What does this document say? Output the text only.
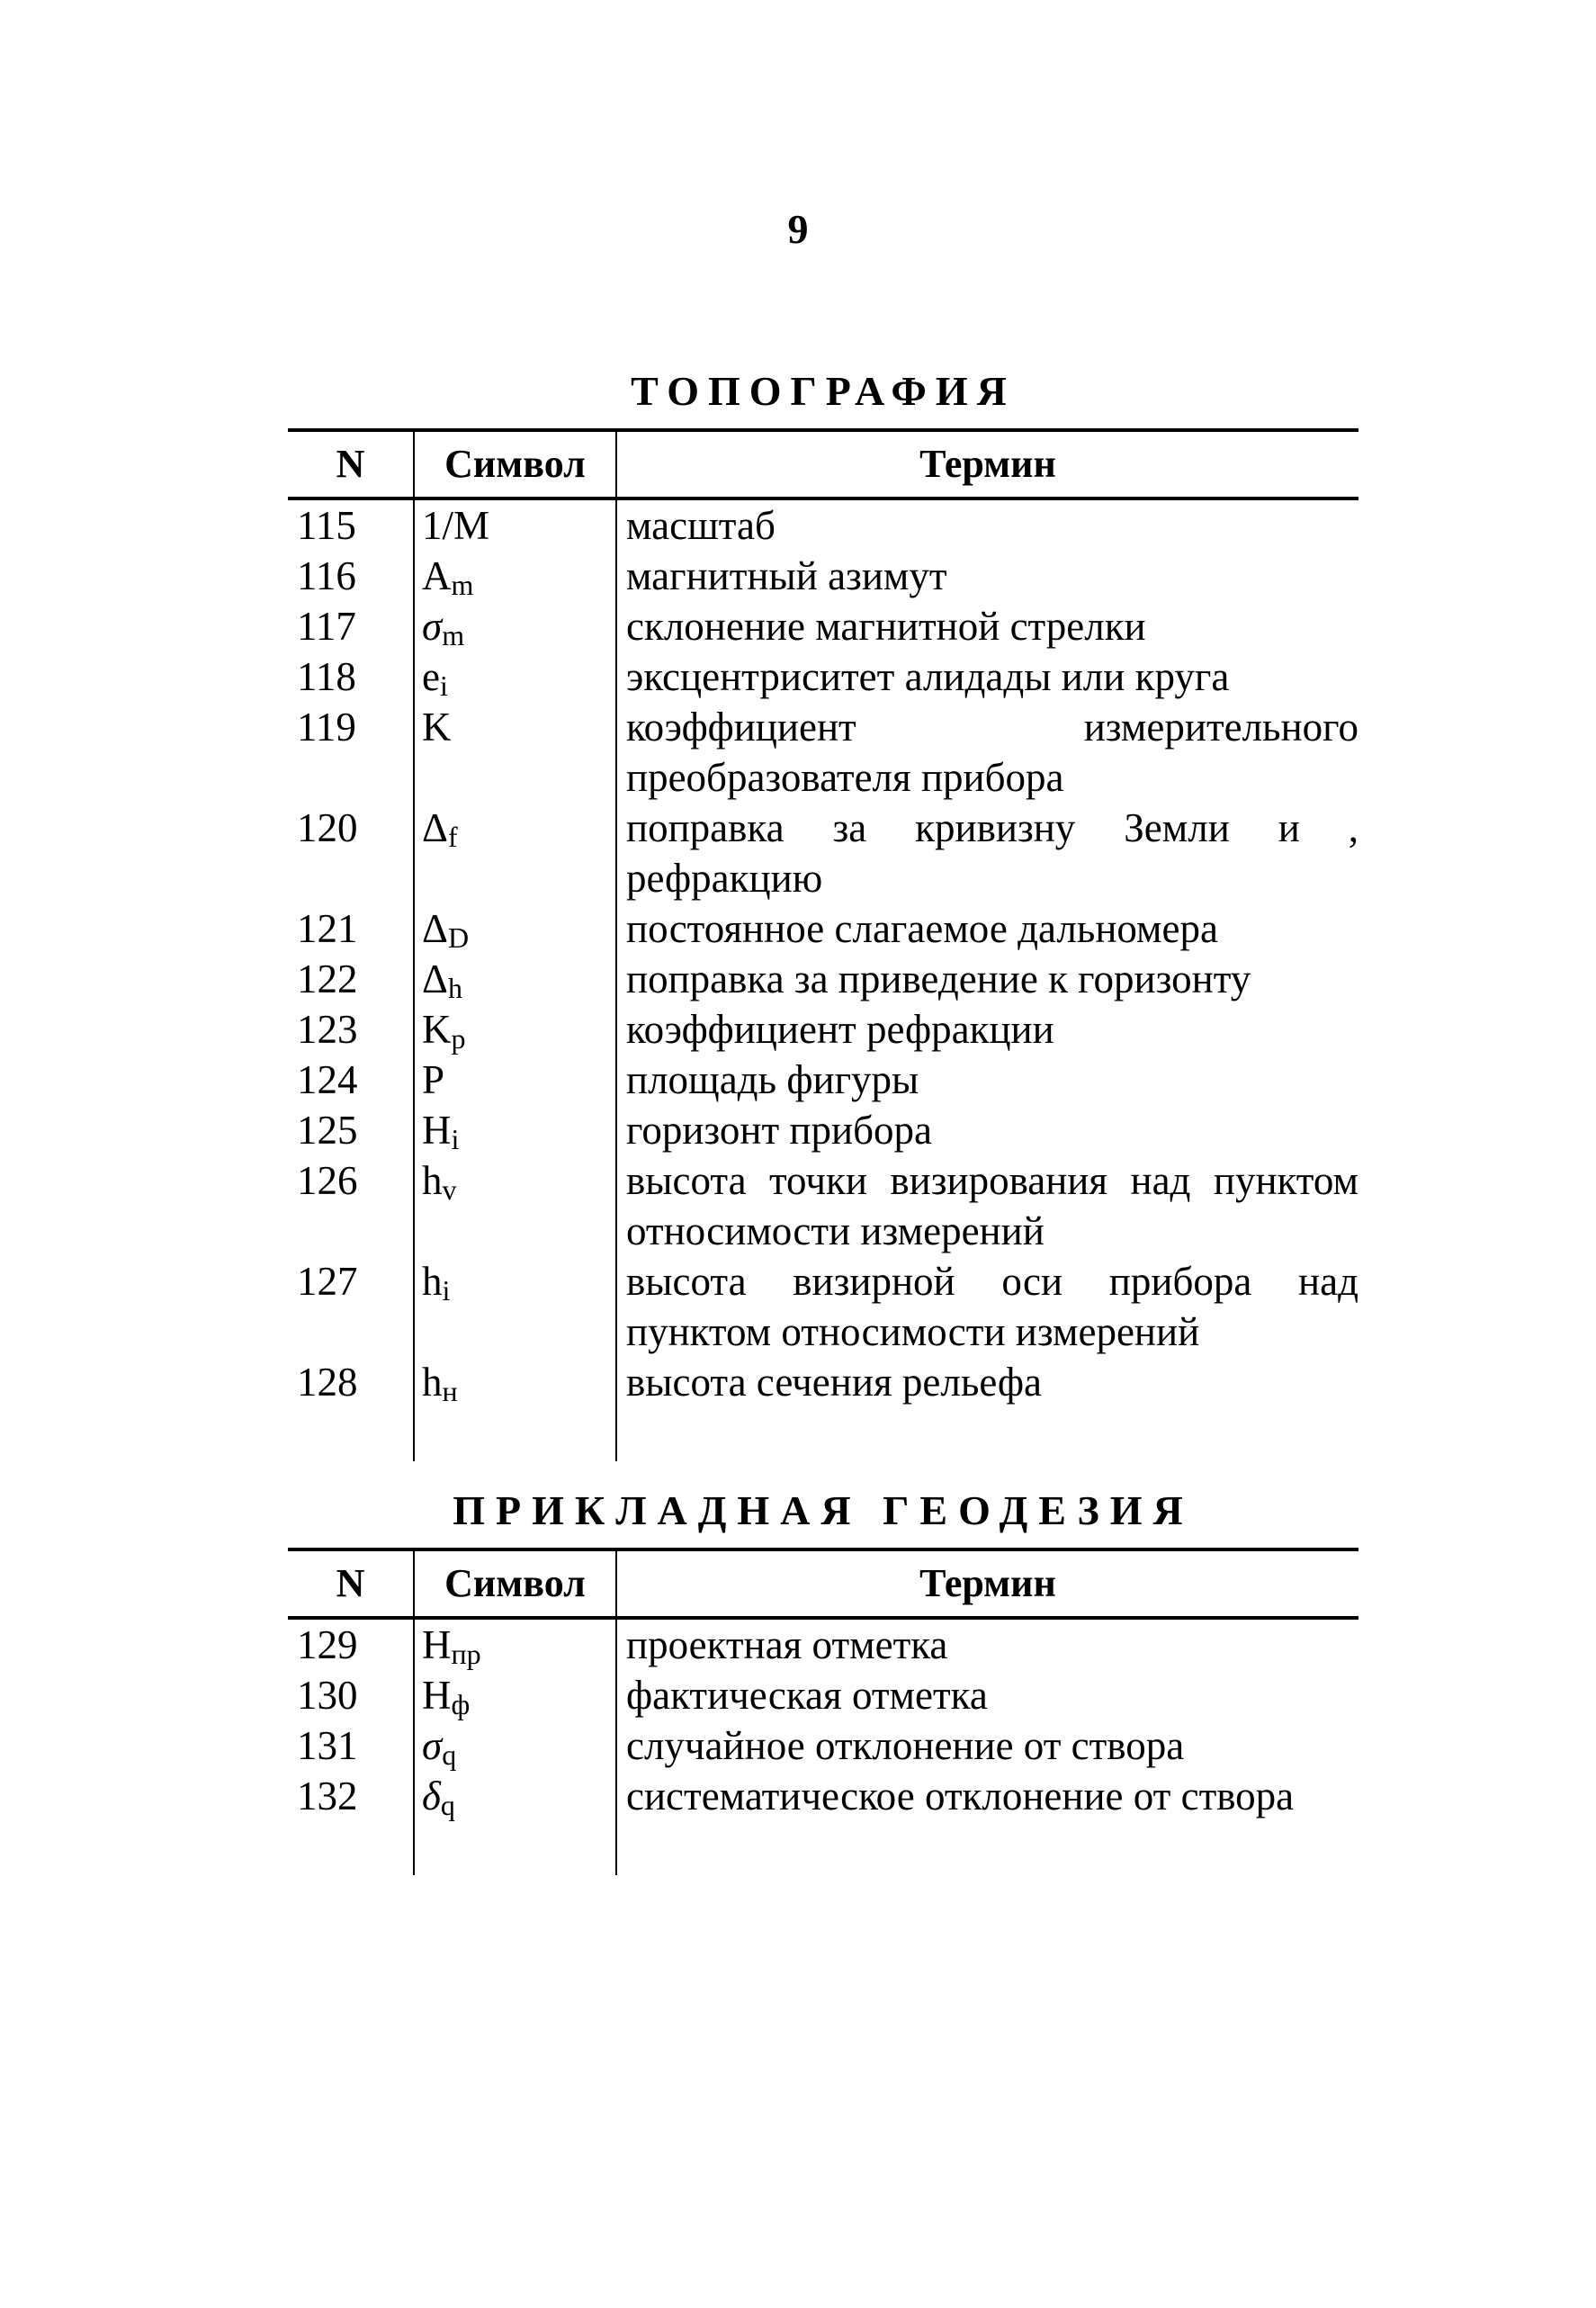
9
ТОПОГРАФИЯ
N	Символ	Термин
115	1/M	масштаб
116	$A_m$	магнитный азимут
117	$\sigma_m$	склонение магнитной стрелки
118	$e_i$	эксцентриситет алидады или круга
119	K	коэффициент измерительного преобразователя прибора
120	$\Delta_f$	поправка за кривизну Земли и , рефракцию
121	$\Delta_D$	постоянное слагаемое дальномера
122	$\Delta_h$	поправка за приведение к горизонту
123	$K_p$	коэффициент рефракции
124	P	площадь фигуры
125	$H_i$	горизонт прибора
126	$h_v$	высота точки визирования над пунктом относимости измерений
127	$h_i$	высота визирной оси прибора над пунктом относимости измерений
128	$h_н$	высота сечения рельефа

ПРИКЛАДНАЯ ГЕОДЕЗИЯ
N	Символ	Термин
129	$H_{пр}$	проектная отметка
130	$H_ф$	фактическая отметка
131	$\sigma_q$	случайное отклонение от створа
132	$\delta_q$	систематическое отклонение от створа
